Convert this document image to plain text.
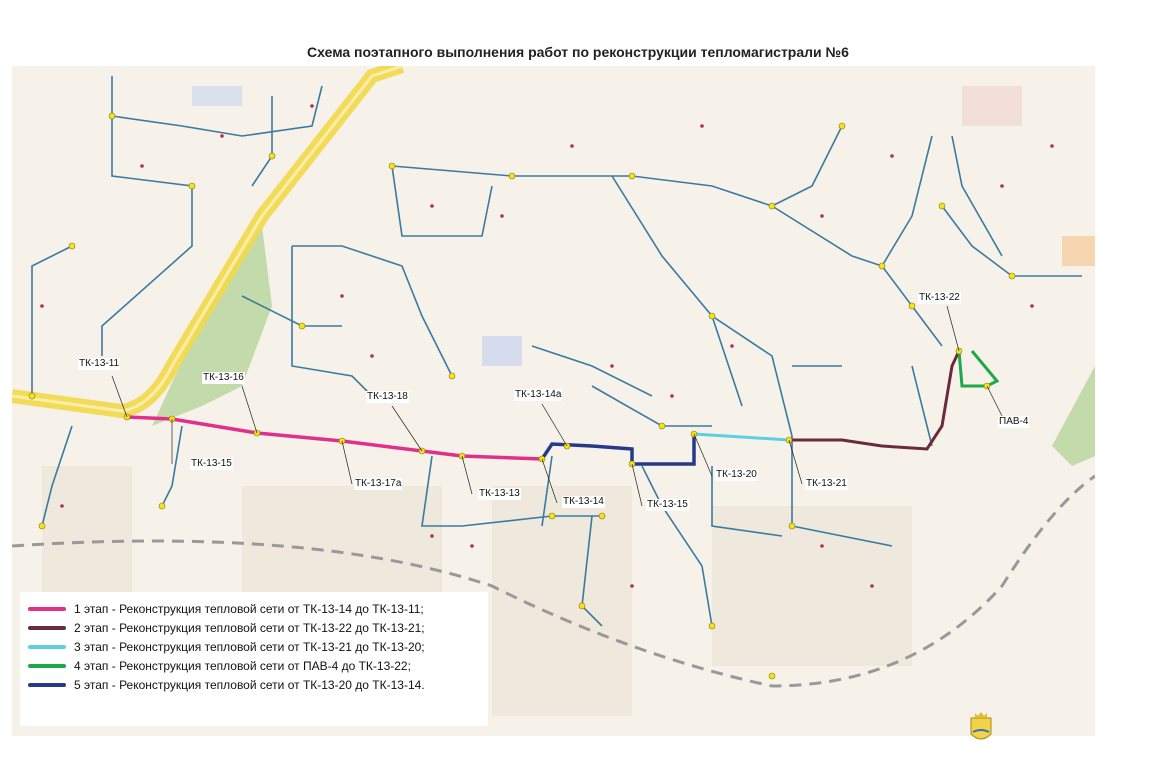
Схема поэтапного выполнения работ по реконструкции тепломагистрали №6
ТК-13-11
ТК-13-16
ТК-13-18	ТК-13-14а
ТК-13-15
ТК-13-17а
ТК-13-13
ТК-13-14	ТК-13-15
ТК-13-20
ТК-13-21
ТК-13-22
ПАВ-4
1 этап - Реконструкция тепловой сети от ТК-13-14 до ТК-13-11;
2 этап - Реконструкция тепловой сети от ТК-13-22 до ТК-13-21;
3 этап - Реконструкция тепловой сети от ТК-13-21 до ТК-13-20;
4 этап - Реконструкция тепловой сети от ПАВ-4 до ТК-13-22;
5 этап - Реконструкция тепловой сети от ТК-13-20 до ТК-13-14.
